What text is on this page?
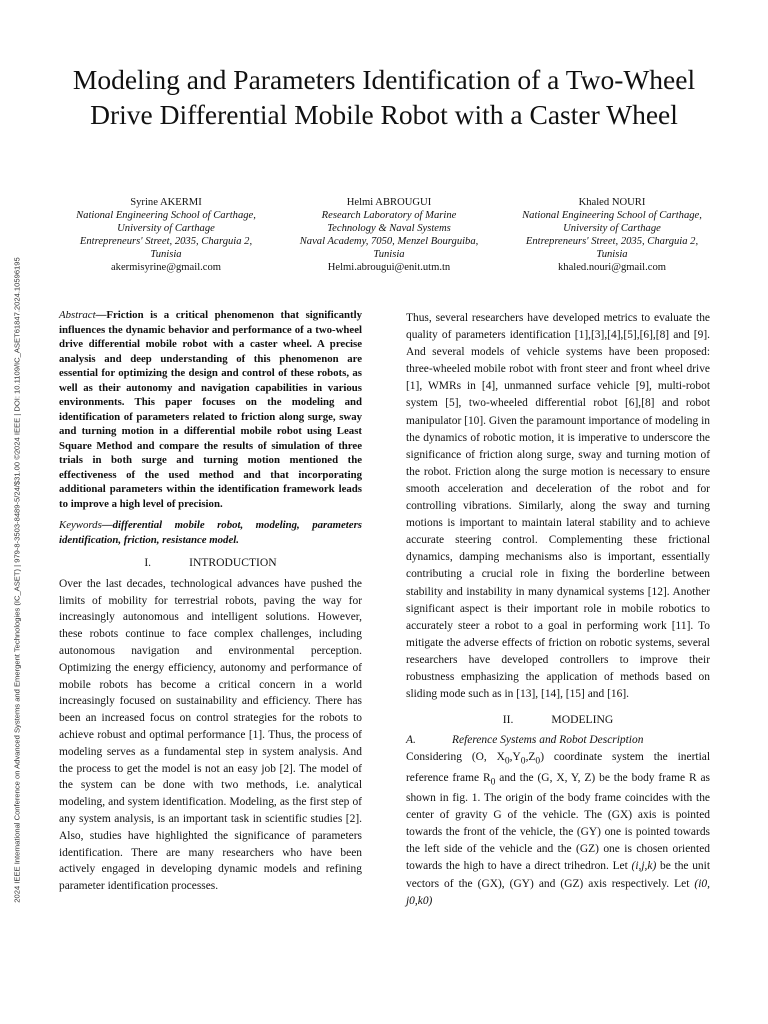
2024 IEEE International Conference on Advanced Systems and Emergent Technologies (IC_ASET) | 979-8-3503-8489-5/24/$31.00 ©2024 IEEE | DOI: 10.1109/IC_ASET61847.2024.10596195
Modeling and Parameters Identification of a Two-Wheel Drive Differential Mobile Robot with a Caster Wheel
Syrine AKERMI
National Engineering School of Carthage,
University of Carthage
Entrepreneurs' Street, 2035, Charguia 2,
Tunisia
akermisyrine@gmail.com
Helmi ABROUGUI
Research Laboratory of Marine
Technology & Naval Systems
Naval Academy, 7050, Menzel Bourguiba,
Tunisia
Helmi.abrougui@enit.utm.tn
Khaled NOURI
National Engineering School of Carthage,
University of Carthage
Entrepreneurs' Street, 2035, Charguia 2,
Tunisia
khaled.nouri@gmail.com

Abstract—Friction is a critical phenomenon that significantly influences the dynamic behavior and performance of a two-wheel drive differential mobile robot with a caster wheel. A precise analysis and deep understanding of this phenomenon are essential for optimizing the design and control of these robots, as well as their autonomy and navigation capabilities in various environments. This paper focuses on the modeling and identification of parameters related to friction along surge, sway and turning motion in a differential mobile robot using Least Square Method and compare the results of simulation of three trials in both surge and turning motion mentioned the effectiveness of the used method and that incorporating additional parameters within the identification framework leads to improve a high level of precision.

Keywords—differential mobile robot, modeling, parameters identification, friction, resistance model.

I.	INTRODUCTION

Over the last decades, technological advances have pushed the limits of mobility for terrestrial robots, paving the way for increasingly autonomous and intelligent solutions. However, these robots continue to face complex challenges, including autonomous navigation and environmental perception. Optimizing the energy efficiency, autonomy and performance of mobile robots has become a critical concern in a world increasingly focused on sustainability and efficiency. There has been an increased focus on control strategies for the robots to achieve robust and optimal performance [1]. Thus, the process of modeling serves as a fundamental step in system analysis. And the process to get the model is not an easy job [2]. The model of the system can be done with two methods, i.e. analytical modeling, and system identification. Modeling, as the first step of any system analysis, is an important task in scientific studies [2]. Also, studies have highlighted the significance of parameters identification. There are many researchers who have been actively engaged in developing dynamic models and refining parameter identification processes.

Thus, several researchers have developed metrics to evaluate the quality of parameters identification [1],[3],[4],[5],[6],[8] and [9]. And several models of vehicle systems have been proposed: three-wheeled mobile robot with front steer and front wheel drive [1], WMRs in [4], unmanned surface vehicle [9], multi-robot system [5], two-wheeled differential robot [6],[8] and robot manipulator [10]. Given the paramount importance of modeling in the dynamics of robotic motion, it is imperative to underscore the significance of friction along surge, sway and turning motion of the robot. Friction along the surge motion is necessary to ensure smooth acceleration and deceleration of the robot and for controlling vibrations. Similarly, along the sway and turning motions is important to maintain lateral stability and to achieve accurate steering control. Complementing these frictional dynamics, damping mechanisms also is important, essentially contributing a crucial role in fixing the borderline between stability and instability in many dynamical systems [12]. Another significant aspect is their important role in mobile robotics to accurately steer a robot to a goal in performing work [11]. To mitigate the adverse effects of friction on robotic systems, several researchers have developed controllers to improve their robustness emphasizing the application of methods based on sliding mode such as in [13], [14], [15] and [16].

II.	MODELING
A.	Reference Systems and Robot Description

Considering (O, $X_0,Y_0,Z_0$) coordinate system the inertial reference frame $R_0$ and the (G, X, Y, Z) be the body frame R as shown in fig. 1. The origin of the body frame coincides with the center of gravity G of the vehicle. The (GX) axis is pointed towards the front of the vehicle, the (GY) one is pointed towards the left side of the vehicle and the (GZ) one is chosen oriented towards the high to have a direct trihedron. Let (i,j,k) be the unit vectors of the (GX), (GY) and (GZ) axis respectively. Let (i0, j0,k0)
